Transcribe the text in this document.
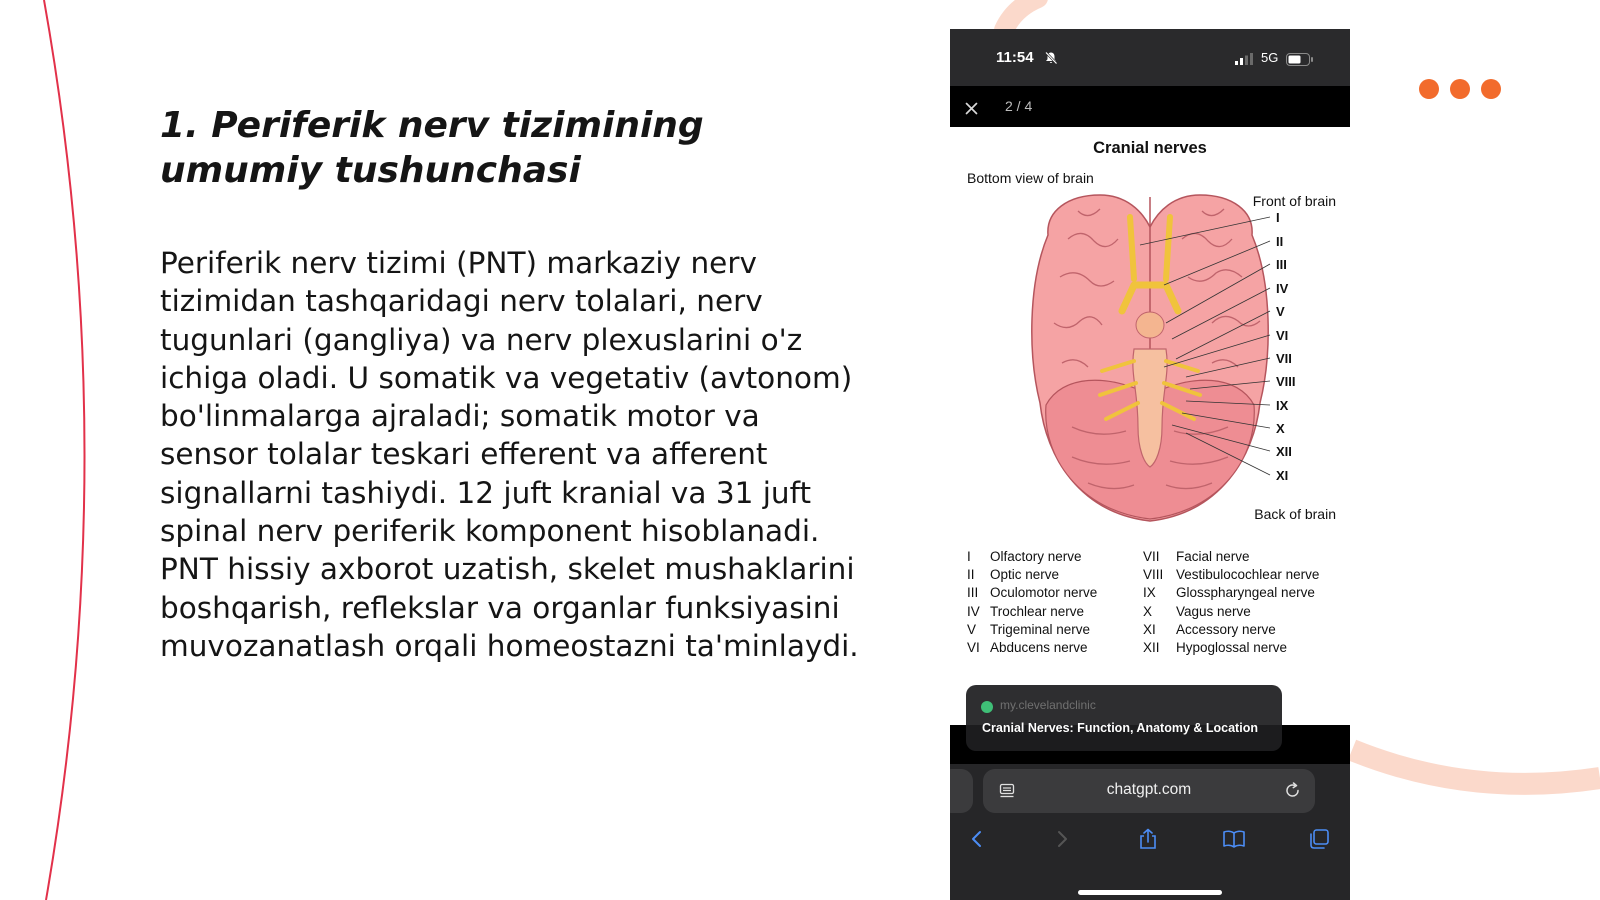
1. Periferik nerv tizimining umumiy tushunchasi

Periferik nerv tizimi (PNT) markaziy nerv tizimidan tashqaridagi nerv tolalari, nerv tugunlari (gangliya) va nerv plexuslarini o'z ichiga oladi. U somatik va vegetativ (avtonom) bo'linmalarga ajraladi; somatik motor va sensor tolalar teskari efferent va afferent signallarni tashiydi. 12 juft kranial va 31 juft spinal nerv periferik komponent hisoblanadi. PNT hissiy axborot uzatish, skelet mushaklarini boshqarish, reflekslar va organlar funksiyasini muvozanatlash orqali homeostazni ta'minlaydi.

11:54	5G
2 / 4
I
II
III
IV
V
VI
VII
VIII
IX
X
XII
XI
Cranial nerves
Bottom view of brain
Front of brain
Back of brain
I Olfactory nerve
II Optic nerve
III Oculomotor nerve
IV Trochlear nerve
V Trigeminal nerve
VI Abducens nerve
VII Facial nerve
VIII Vestibulocochlear nerve
IX Glosspharyngeal nerve
X Vagus nerve
XI Accessory nerve
XII Hypoglossal nerve
my.clevelandclinic
Cranial Nerves: Function, Anatomy & Location
chatgpt.com
